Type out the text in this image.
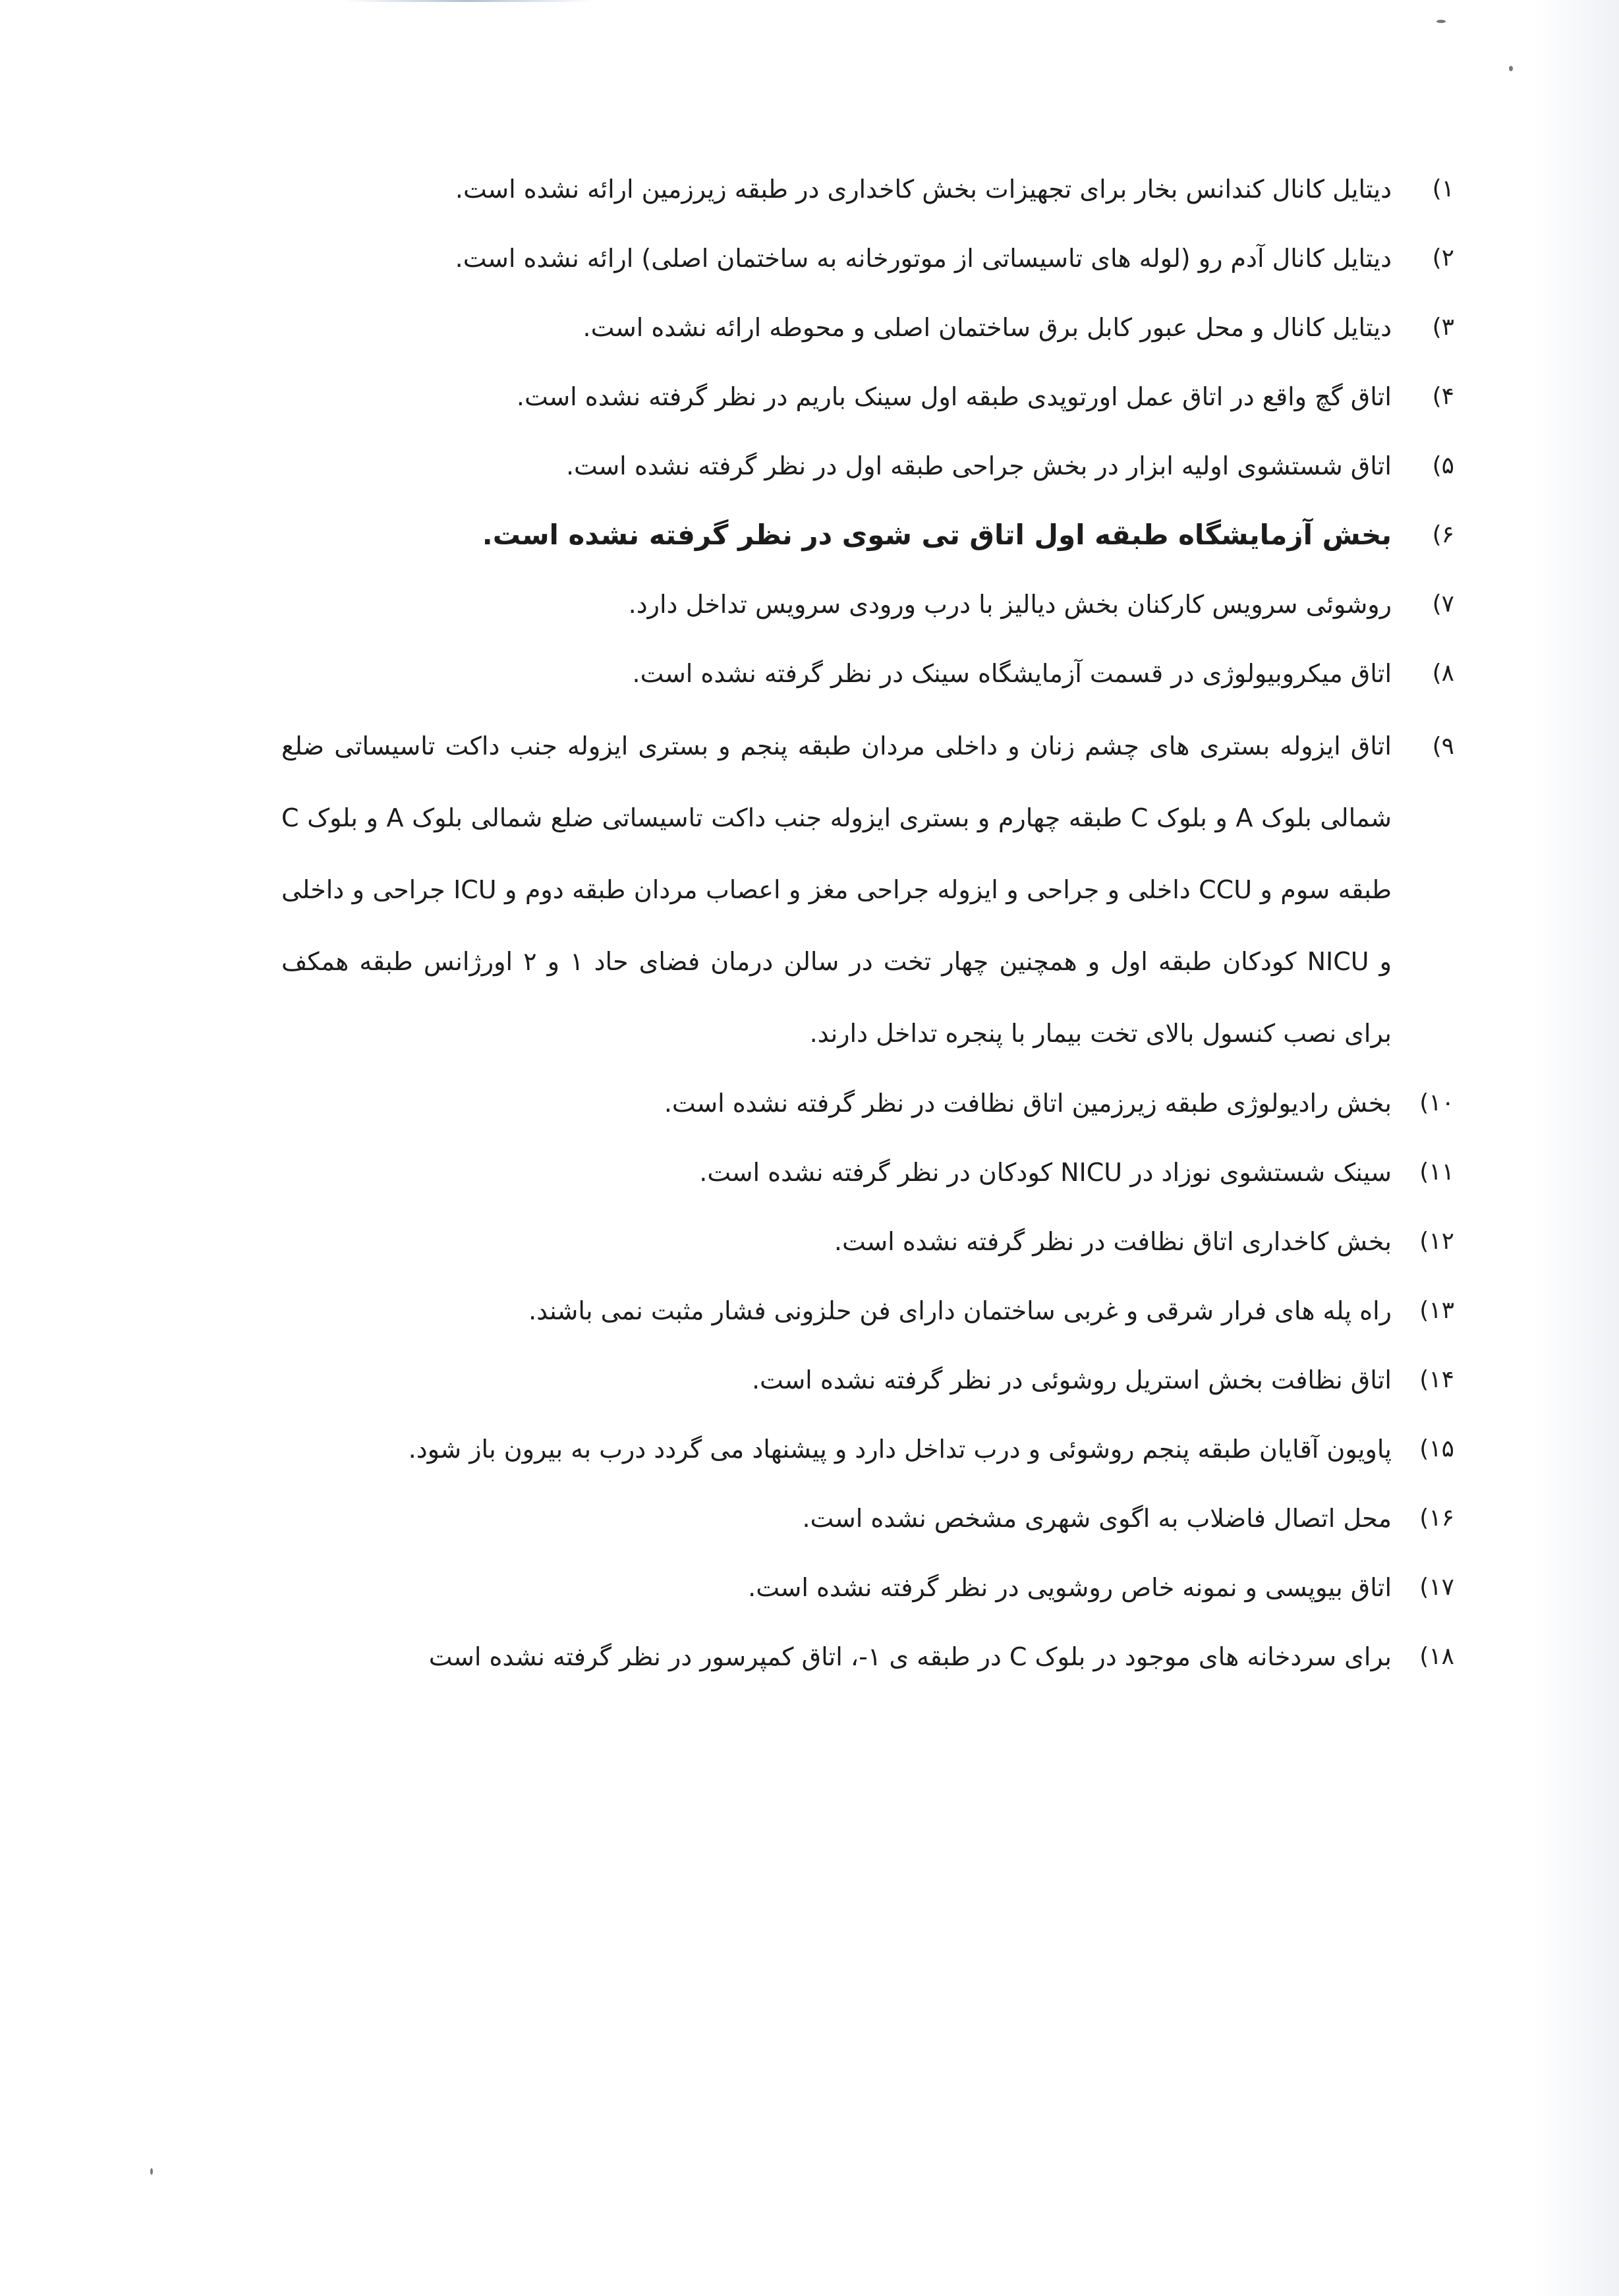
۱)
دیتایل کانال کندانس بخار برای تجهیزات بخش کاخداری در طبقه زیرزمین ارائه نشده است.
۲)
دیتایل کانال آدم رو (لوله های تاسیساتی از موتورخانه به ساختمان اصلی) ارائه نشده است.
۳)
دیتایل کانال و محل عبور کابل برق ساختمان اصلی و محوطه ارائه نشده است.
۴)
اتاق گچ واقع در اتاق عمل اورتوپدی طبقه اول سینک باریم در نظر گرفته نشده است.
۵)
اتاق شستشوی اولیه ابزار در بخش جراحی طبقه اول در نظر گرفته نشده است.
۶)
بخش آزمایشگاه طبقه اول اتاق تی شوی در نظر گرفته نشده است.
۷)
روشوئی سرویس کارکنان بخش دیالیز با درب ورودی سرویس تداخل دارد.
۸)
اتاق میکروبیولوژی در قسمت آزمایشگاه سینک در نظر گرفته نشده است.
۹)
اتاق ایزوله بستری های چشم زنان و داخلی مردان طبقه پنجم و بستری ایزوله جنب داکت تاسیساتی ضلع شمالی بلوک A و بلوک C طبقه چهارم و بستری ایزوله جنب داکت تاسیساتی ضلع شمالی بلوک A و بلوک C طبقه سوم و CCU داخلی و جراحی و ایزوله جراحی مغز و اعصاب مردان طبقه دوم و ICU جراحی و داخلی و NICU کودکان طبقه اول و همچنین چهار تخت در سالن درمان فضای حاد ۱ و ۲ اورژانس طبقه همکف برای نصب کنسول بالای تخت بیمار با پنجره تداخل دارند.
۱۰)
بخش رادیولوژی طبقه زیرزمین اتاق نظافت در نظر گرفته نشده است.
۱۱)
سینک شستشوی نوزاد در NICU کودکان در نظر گرفته نشده است.
۱۲)
بخش کاخداری اتاق نظافت در نظر گرفته نشده است.
۱۳)
راه پله های فرار شرقی و غربی ساختمان دارای فن حلزونی فشار مثبت نمی باشند.
۱۴)
اتاق نظافت بخش استریل روشوئی در نظر گرفته نشده است.
۱۵)
پاویون آقایان طبقه پنجم روشوئی و درب تداخل دارد و پیشنهاد می گردد درب به بیرون باز شود.
۱۶)
محل اتصال فاضلاب به اگوی شهری مشخص نشده است.
۱۷)
اتاق بیوپسی و نمونه خاص روشویی در نظر گرفته نشده است.
۱۸)
برای سردخانه های موجود در بلوک C در طبقه ی ۱-، اتاق کمپرسور در نظر گرفته نشده است
